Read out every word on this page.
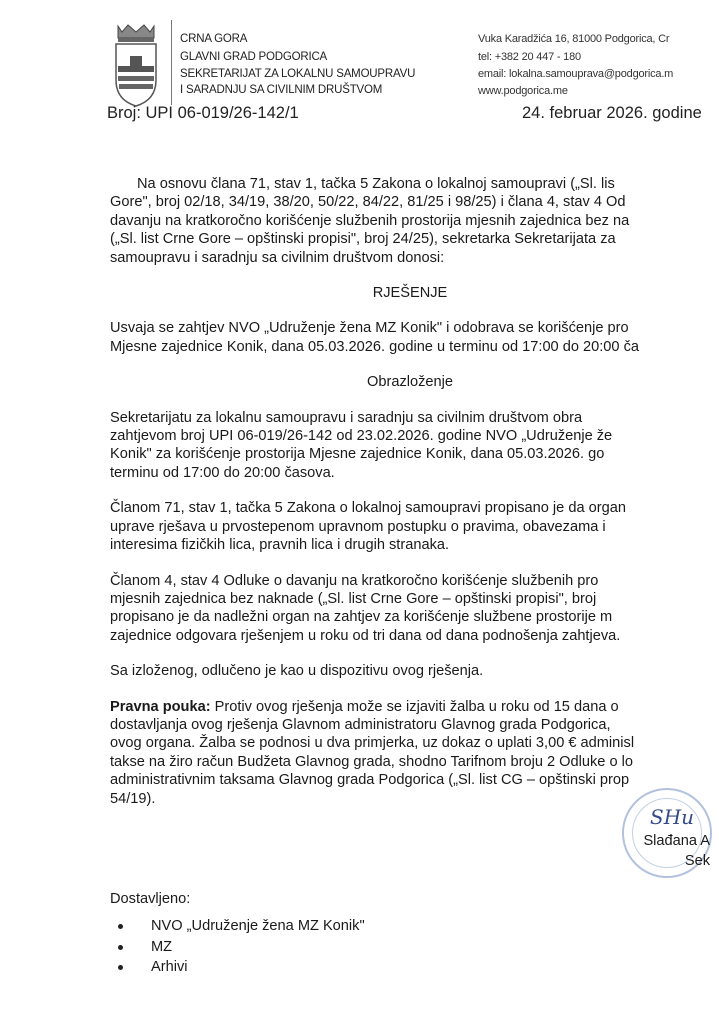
CRNA GORA
GLAVNI GRAD PODGORICA
SEKRETARIJAT ZA LOKALNU SAMOUPRAVU
I SARADNJU SA CIVILNIM DRUŠTVOM
Vuka Karadžića 16, 81000 Podgorica, Cr
tel: +382 20 447 - 180
email: lokalna.samouprava@podgorica.m
www.podgorica.me
Broj: UPI 06-019/26-142/1	24. februar 2026. godine
Na osnovu člana 71, stav 1, tačka 5 Zakona o lokalnoj samoupravi („Sl. lis
Gore", broj 02/18, 34/19, 38/20, 50/22, 84/22, 81/25 i 98/25) i člana 4, stav 4 Od
davanju na kratkoročno korišćenje službenih prostorija mjesnih zajednica bez na
(„Sl. list Crne Gore – opštinski propisi", broj 24/25), sekretarka Sekretarijata za
samoupravu i saradnju sa civilnim društvom donosi:
RJEŠENJE
Usvaja se zahtjev NVO „Udruženje žena MZ Konik" i odobrava se korišćenje pro
Mjesne zajednice Konik, dana 05.03.2026. godine u terminu od 17:00 do 20:00 ča
Obrazloženje
Sekretarijatu za lokalnu samoupravu i saradnju sa civilnim društvom obra
zahtjevom broj UPI 06-019/26-142 od 23.02.2026. godine NVO „Udruženje že
Konik" za korišćenje prostorija Mjesne zajednice Konik, dana 05.03.2026. go
terminu od 17:00 do 20:00 časova.
Članom 71, stav 1, tačka 5 Zakona o lokalnoj samoupravi propisano je da organ
uprave rješava u prvostepenom upravnom postupku o pravima, obavezama i
interesima fizičkih lica, pravnih lica i drugih stranaka.
Članom 4, stav 4 Odluke o davanju na kratkoročno korišćenje službenih pro
mjesnih zajednica bez naknade („Sl. list Crne Gore – opštinski propisi", broj
propisano je da nadležni organ na zahtjev za korišćenje službene prostorije m
zajednice odgovara rješenjem u roku od tri dana od dana podnošenja zahtjeva.
Sa izloženog, odlučeno je kao u dispozitivu ovog rješenja.
Pravna pouka: Protiv ovog rješenja može se izjaviti žalba u roku od 15 dana o
dostavljanja ovog rješenja Glavnom administratoru Glavnog grada Podgorica,
ovog organa. Žalba se podnosi u dva primjerka, uz dokaz o uplati 3,00 € adminisl
takse na žiro račun Budžeta Glavnog grada, shodno Tarifnom broju 2 Odluke o lo
administrativnim taksama Glavnog grada Podgorica („Sl. list CG – opštinski prop
54/19).
SHu
Slađana A
Sek
Dostavljeno:
NVO „Udruženje žena MZ Konik"
MZ
Arhivi
